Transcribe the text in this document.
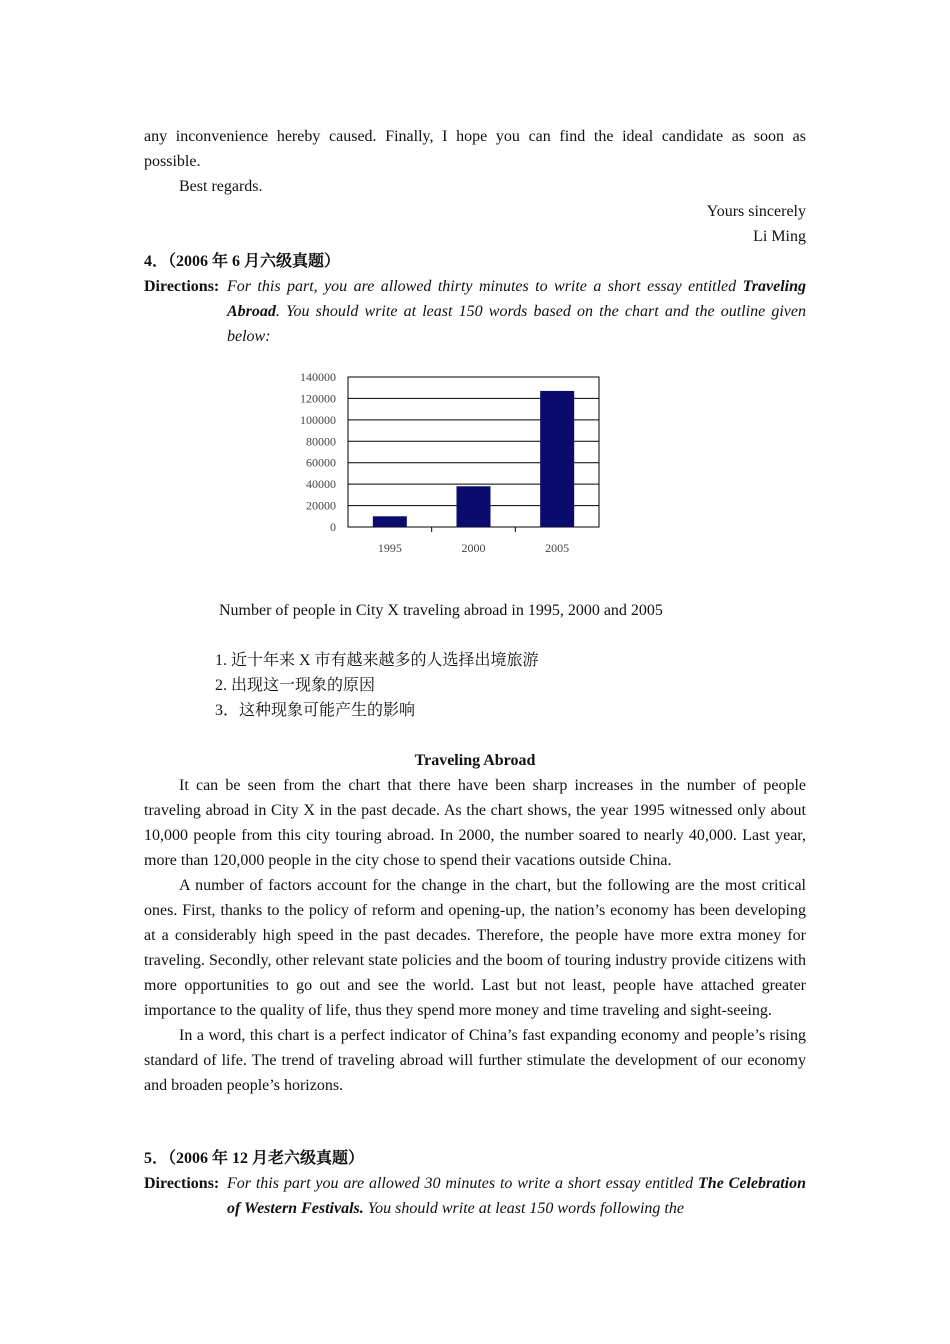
any inconvenience hereby caused. Finally, I hope you can find the ideal candidate as soon as

possible.

Best regards.

Yours sincerely

Li Ming

4．（2006 年 6 月六级真题）

Directions: For this part, you are allowed thirty minutes to write a short essay entitled Traveling Abroad. You should write at least 150 words based on the chart and the outline given below:
140000
120000
100000
80000
60000
40000
20000
0
1995	2000	2005

Number of people in City X traveling abroad in 1995, 2000 and 2005

1. 近十年来 X 市有越来越多的人选择出境旅游

2. 出现这一现象的原因

3．这种现象可能产生的影响

Traveling Abroad

It can be seen from the chart that there have been sharp increases in the number of people traveling abroad in City X in the past decade. As the chart shows, the year 1995 witnessed only about 10,000 people from this city touring abroad. In 2000, the number soared to nearly 40,000. Last year, more than 120,000 people in the city chose to spend their vacations outside China.

A number of factors account for the change in the chart, but the following are the most critical ones. First, thanks to the policy of reform and opening-up, the nation’s economy has been developing at a considerably high speed in the past decades. Therefore, the people have more extra money for traveling. Secondly, other relevant state policies and the boom of touring industry provide citizens with more opportunities to go out and see the world. Last but not least, people have attached greater importance to the quality of life, thus they spend more money and time traveling and sight-seeing.

In a word, this chart is a perfect indicator of China’s fast expanding economy and people’s rising standard of life. The trend of traveling abroad will further stimulate the development of our economy and broaden people’s horizons.

5．（2006 年 12 月老六级真题）

Directions: For this part you are allowed 30 minutes to write a short essay entitled The Celebration of Western Festivals. You should write at least 150 words following the
